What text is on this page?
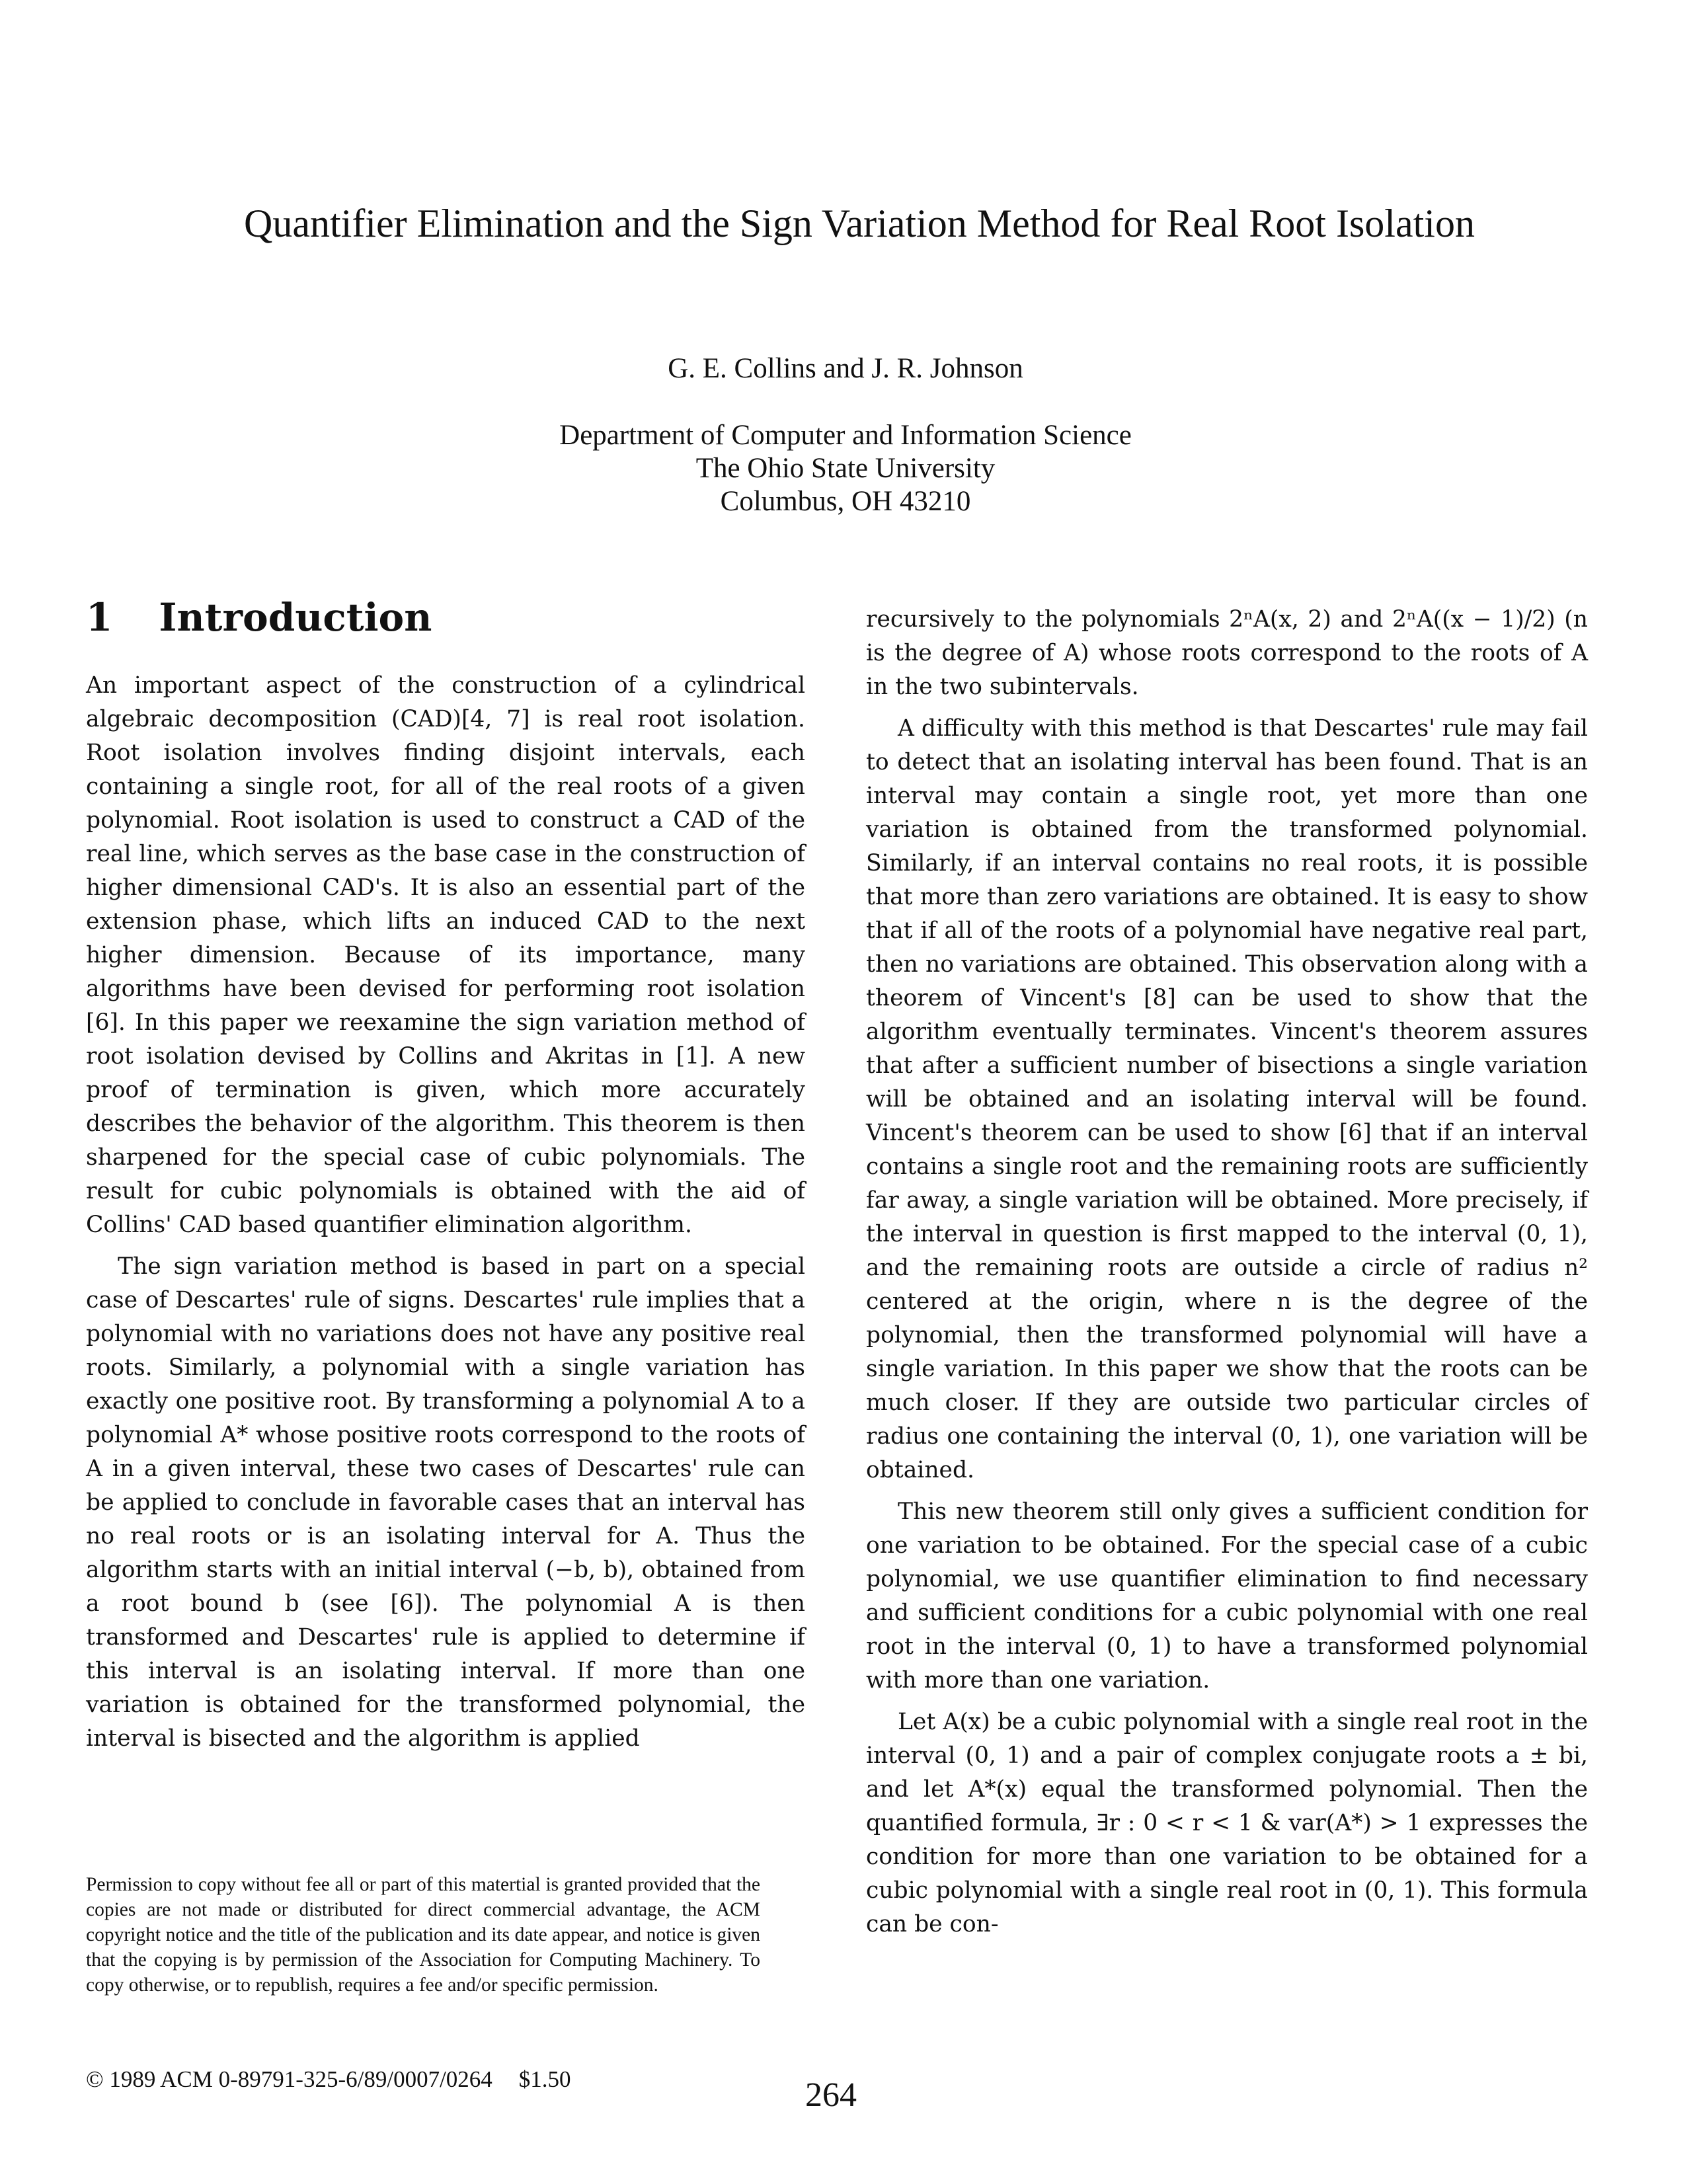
Quantifier Elimination and the Sign Variation Method for Real Root Isolation
G. E. Collins and J. R. Johnson
Department of Computer and Information Science
The Ohio State University
Columbus, OH 43210
1 Introduction

An important aspect of the construction of a cylindrical algebraic decomposition (CAD)[4, 7] is real root isolation. Root isolation involves finding disjoint intervals, each containing a single root, for all of the real roots of a given polynomial. Root isolation is used to construct a CAD of the real line, which serves as the base case in the construction of higher dimensional CAD's. It is also an essential part of the extension phase, which lifts an induced CAD to the next higher dimension. Because of its importance, many algorithms have been devised for performing root isolation [6]. In this paper we reexamine the sign variation method of root isolation devised by Collins and Akritas in [1]. A new proof of termination is given, which more accurately describes the behavior of the algorithm. This theorem is then sharpened for the special case of cubic polynomials. The result for cubic polynomials is obtained with the aid of Collins' CAD based quantifier elimination algorithm.

The sign variation method is based in part on a special case of Descartes' rule of signs. Descartes' rule implies that a polynomial with no variations does not have any positive real roots. Similarly, a polynomial with a single variation has exactly one positive root. By transforming a polynomial A to a polynomial A* whose positive roots correspond to the roots of A in a given interval, these two cases of Descartes' rule can be applied to conclude in favorable cases that an interval has no real roots or is an isolating interval for A. Thus the algorithm starts with an initial interval (−b, b), obtained from a root bound b (see [6]). The polynomial A is then transformed and Descartes' rule is applied to determine if this interval is an isolating interval. If more than one variation is obtained for the transformed polynomial, the interval is bisected and the algorithm is applied

recursively to the polynomials 2ⁿA(x, 2) and 2ⁿA((x − 1)/2) (n is the degree of A) whose roots correspond to the roots of A in the two subintervals.

A difficulty with this method is that Descartes' rule may fail to detect that an isolating interval has been found. That is an interval may contain a single root, yet more than one variation is obtained from the transformed polynomial. Similarly, if an interval contains no real roots, it is possible that more than zero variations are obtained. It is easy to show that if all of the roots of a polynomial have negative real part, then no variations are obtained. This observation along with a theorem of Vincent's [8] can be used to show that the algorithm eventually terminates. Vincent's theorem assures that after a sufficient number of bisections a single variation will be obtained and an isolating interval will be found. Vincent's theorem can be used to show [6] that if an interval contains a single root and the remaining roots are sufficiently far away, a single variation will be obtained. More precisely, if the interval in question is first mapped to the interval (0, 1), and the remaining roots are outside a circle of radius n² centered at the origin, where n is the degree of the polynomial, then the transformed polynomial will have a single variation. In this paper we show that the roots can be much closer. If they are outside two particular circles of radius one containing the interval (0, 1), one variation will be obtained.

This new theorem still only gives a sufficient condition for one variation to be obtained. For the special case of a cubic polynomial, we use quantifier elimination to find necessary and sufficient conditions for a cubic polynomial with one real root in the interval (0, 1) to have a transformed polynomial with more than one variation.

Let A(x) be a cubic polynomial with a single real root in the interval (0, 1) and a pair of complex conjugate roots a ± bi, and let A*(x) equal the transformed polynomial. Then the quantified formula, ∃r : 0 < r < 1 & var(A*) > 1 expresses the condition for more than one variation to be obtained for a cubic polynomial with a single real root in (0, 1). This formula can be con-

Permission to copy without fee all or part of this matertial is granted provided that the copies are not made or distributed for direct commercial advantage, the ACM copyright notice and the title of the publication and its date appear, and notice is given that the copying is by permission of the Association for Computing Machinery. To copy otherwise, or to republish, requires a fee and/or specific permission.
© 1989 ACM 0-89791-325-6/89/0007/0264 $1.50	264
